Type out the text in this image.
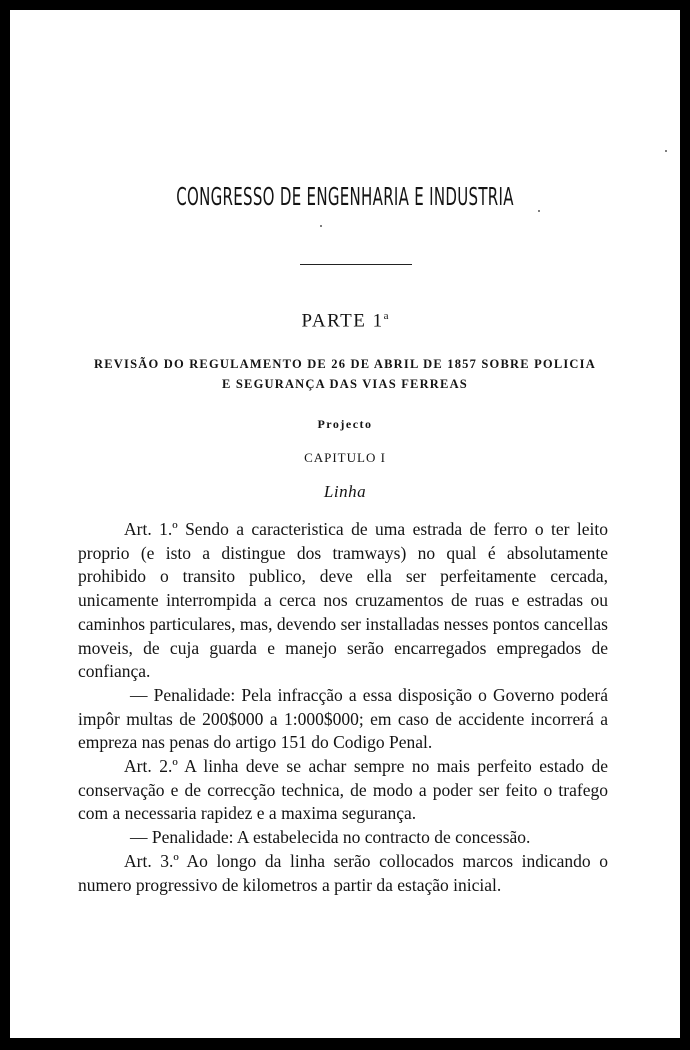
CONGRESSO DE ENGENHARIA E INDUSTRIA
PARTE 1$^a$
REVISÃO DO REGULAMENTO DE 26 DE ABRIL DE 1857 SOBRE POLICIA E SEGURANÇA DAS VIAS FERREAS
Projecto
CAPITULO I
Linha

Art. 1.º Sendo a caracteristica de uma estrada de ferro o ter leito proprio (e isto a distingue dos tramways) no qual é absolutamente prohibido o transito publico, deve ella ser perfeitamente cercada, unicamente interrompida a cerca nos cruzamentos de ruas e estradas ou caminhos particulares, mas, devendo ser installadas nesses pontos cancellas moveis, de cuja guarda e manejo serão encarregados empregados de confiança.

— Penalidade: Pela infracção a essa disposição o Governo poderá impôr multas de 200$000 a 1:000$000; em caso de accidente incorrerá a empreza nas penas do artigo 151 do Codigo Penal.

Art. 2.º A linha deve se achar sempre no mais perfeito estado de conservação e de correcção technica, de modo a poder ser feito o trafego com a necessaria rapidez e a maxima segurança.

— Penalidade: A estabelecida no contracto de concessão.

Art. 3.º Ao longo da linha serão collocados marcos indicando o numero progressivo de kilometros a partir da estação inicial.
